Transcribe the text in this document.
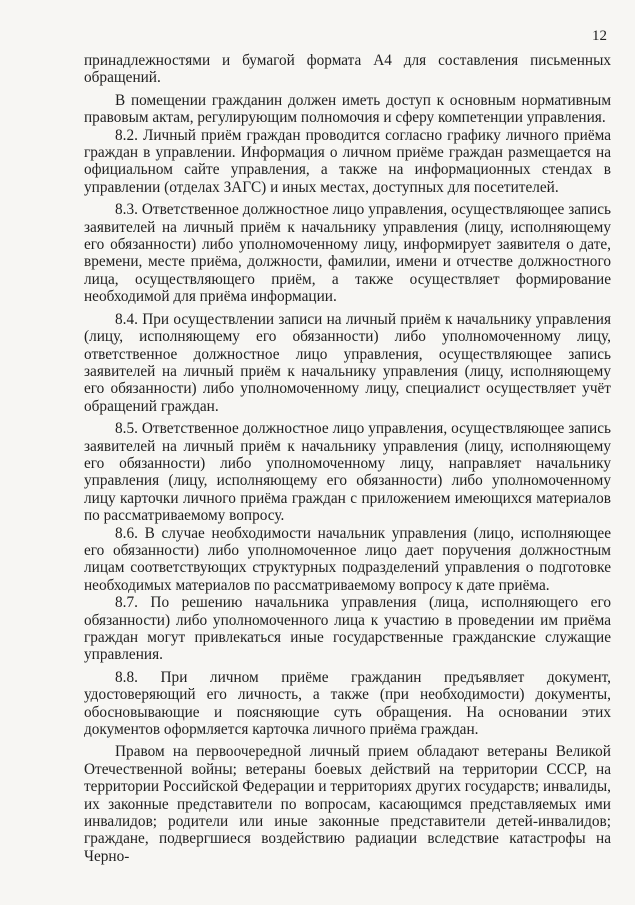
12

принадлежностями и бумагой формата А4 для составления письменных обращений.

В помещении гражданин должен иметь доступ к основным нормативным правовым актам, регулирующим полномочия и сферу компетенции управления.

8.2. Личный приём граждан проводится согласно графику личного приёма граждан в управлении. Информация о личном приёме граждан размещается на официальном сайте управления, а также на информационных стендах в управлении (отделах ЗАГС) и иных местах, доступных для посетителей.

8.3. Ответственное должностное лицо управления, осуществляющее запись заявителей на личный приём к начальнику управления (лицу, исполняющему его обязанности) либо уполномоченному лицу, информирует заявителя о дате, времени, месте приёма, должности, фамилии, имени и отчестве должностного лица, осуществляющего приём, а также осуществляет формирование необходимой для приёма информации.

8.4. При осуществлении записи на личный приём к начальнику управления (лицу, исполняющему его обязанности) либо уполномоченному лицу, ответственное должностное лицо управления, осуществляющее запись заявителей на личный приём к начальнику управления (лицу, исполняющему его обязанности) либо уполномоченному лицу, специалист осуществляет учёт обращений граждан.

8.5. Ответственное должностное лицо управления, осуществляющее запись заявителей на личный приём к начальнику управления (лицу, исполняющему его обязанности) либо уполномоченному лицу, направляет начальнику управления (лицу, исполняющему его обязанности) либо уполномоченному лицу карточки личного приёма граждан с приложением имеющихся материалов по рассматриваемому вопросу.

8.6. В случае необходимости начальник управления (лицо, исполняющее его обязанности) либо уполномоченное лицо дает поручения должностным лицам соответствующих структурных подразделений управления о подготовке необходимых материалов по рассматриваемому вопросу к дате приёма.

8.7. По решению начальника управления (лица, исполняющего его обязанности) либо уполномоченного лица к участию в проведении им приёма граждан могут привлекаться иные государственные гражданские служащие управления.

8.8. При личном приёме гражданин предъявляет документ, удостоверяющий его личность, а также (при необходимости) документы, обосновывающие и поясняющие суть обращения. На основании этих документов оформляется карточка личного приёма граждан.

Правом на первоочередной личный прием обладают ветераны Великой Отечественной войны; ветераны боевых действий на территории СССР, на территории Российской Федерации и территориях других государств; инвалиды, их законные представители по вопросам, касающимся представляемых ими инвалидов; родители или иные законные представители детей-инвалидов; граждане, подвергшиеся воздействию радиации вследствие катастрофы на Черно-
